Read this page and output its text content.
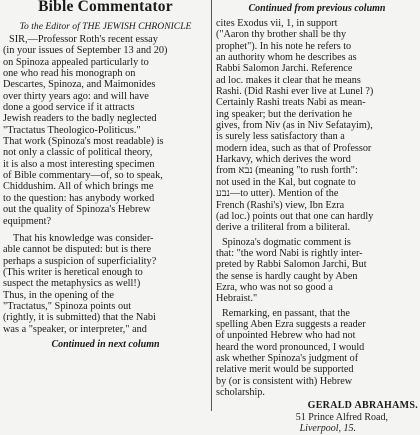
Bible Commentator
To the Editor of THE JEWISH CHRONICLE
SIR,—Professor Roth's recent essay
(in your issues of September 13 and 20)
on Spinoza appealed particularly to
one who read his monograph on
Descartes, Spinoza, and Maimonides
over thirty years ago: and will have
done a good service if it attracts
Jewish readers to the badly neglected
"Tractatus Theologico-Politicus."
That work (Spinoza's most readable) is
not only a classic of political theory,
it is also a most interesting specimen
of Bible commentary—of, so to speak,
Chiddushim. All of which brings me
to the question: has anybody worked
out the quality of Spinoza's Hebrew
equipment?
That his knowledge was consider-
able cannot be disputed: but is there
perhaps a suspicion of superficiality?
(This writer is heretical enough to
suspect the metaphysics as well!)
Thus, in the opening of the
"Tractatus," Spinoza points out
(rightly, it is submitted) that the Nabi
was a "speaker, or interpreter," and
Continued in next column
Continued from previous column
cites Exodus vii, 1, in support
("Aaron thy brother shall be thy
prophet"). In his note he refers to
an authority whom he describes as
Rabbi Salomon Jarchi. Reference
ad loc. makes it clear that he means
Rashi. (Did Rashi ever live at Lunel ?)
Certainly Rashi treats Nabi as mean-
ing speaker; but the derivation he
gives, from Niv (as in Niv Sefatayim),
is surely less satisfactory than a
modern idea, such as that of Professor
Harkavy, which derives the word
from נבא (meaning "to rush forth":
not used in the Kal, but cognate to
נבע—to utter). Mention of the
French (Rashi's) view, Ibn Ezra
(ad loc.) points out that one can hardly
derive a triliteral from a biliteral.
Spinoza's dogmatic comment is
that: "the word Nabi is rightly inter-
preted by Rabbi Salomon Jarchi, But
the sense is hardly caught by Aben
Ezra, who was not so good a
Hebraist."
Remarking, en passant, that the
spelling Aben Ezra suggests a reader
of unpointed Hebrew who had not
heard the word pronounced, I would
ask whether Spinoza's judgment of
relative merit would be supported
by (or is consistent with) Hebrew
scholarship.
GERALD ABRAHAMS.
51 Prince Alfred Road,
Liverpool, 15.
